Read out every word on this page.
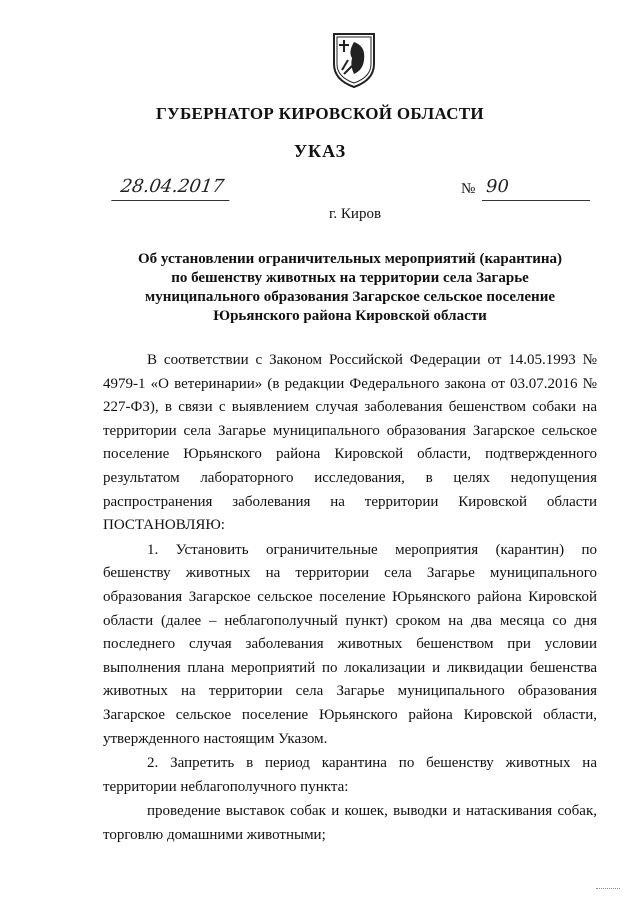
ГУБЕРНАТОР КИРОВСКОЙ ОБЛАСТИ
УКАЗ
28.04.2017	№ 90
г. Киров
Об установлении ограничительных мероприятий (карантина)
по бешенству животных на территории села Загарье
муниципального образования Загарское сельское поселение
Юрьянского района Кировской области

В соответствии с Законом Российской Федерации от 14.05.1993 № 4979-1 «О ветеринарии» (в редакции Федерального закона от 03.07.2016 № 227-ФЗ), в связи с выявлением случая заболевания бешенством собаки на территории села Загарье муниципального образования Загарское сельское поселение Юрьянского района Кировской области, подтвержденного результатом лабораторного исследования, в целях недопущения распространения заболевания на территории Кировской области ПОСТАНОВЛЯЮ:

1. Установить ограничительные мероприятия (карантин) по бешенству животных на территории села Загарье муниципального образования Загарское сельское поселение Юрьянского района Кировской области (далее – неблагополучный пункт) сроком на два месяца со дня последнего случая заболевания животных бешенством при условии выполнения плана мероприятий по локализации и ликвидации бешенства животных на территории села Загарье муниципального образования Загарское сельское поселение Юрьянского района Кировской области, утвержденного настоящим Указом.

2. Запретить в период карантина по бешенству животных на территории неблагополучного пункта:

проведение выставок собак и кошек, выводки и натаскивания собак, торговлю домашними животными;
